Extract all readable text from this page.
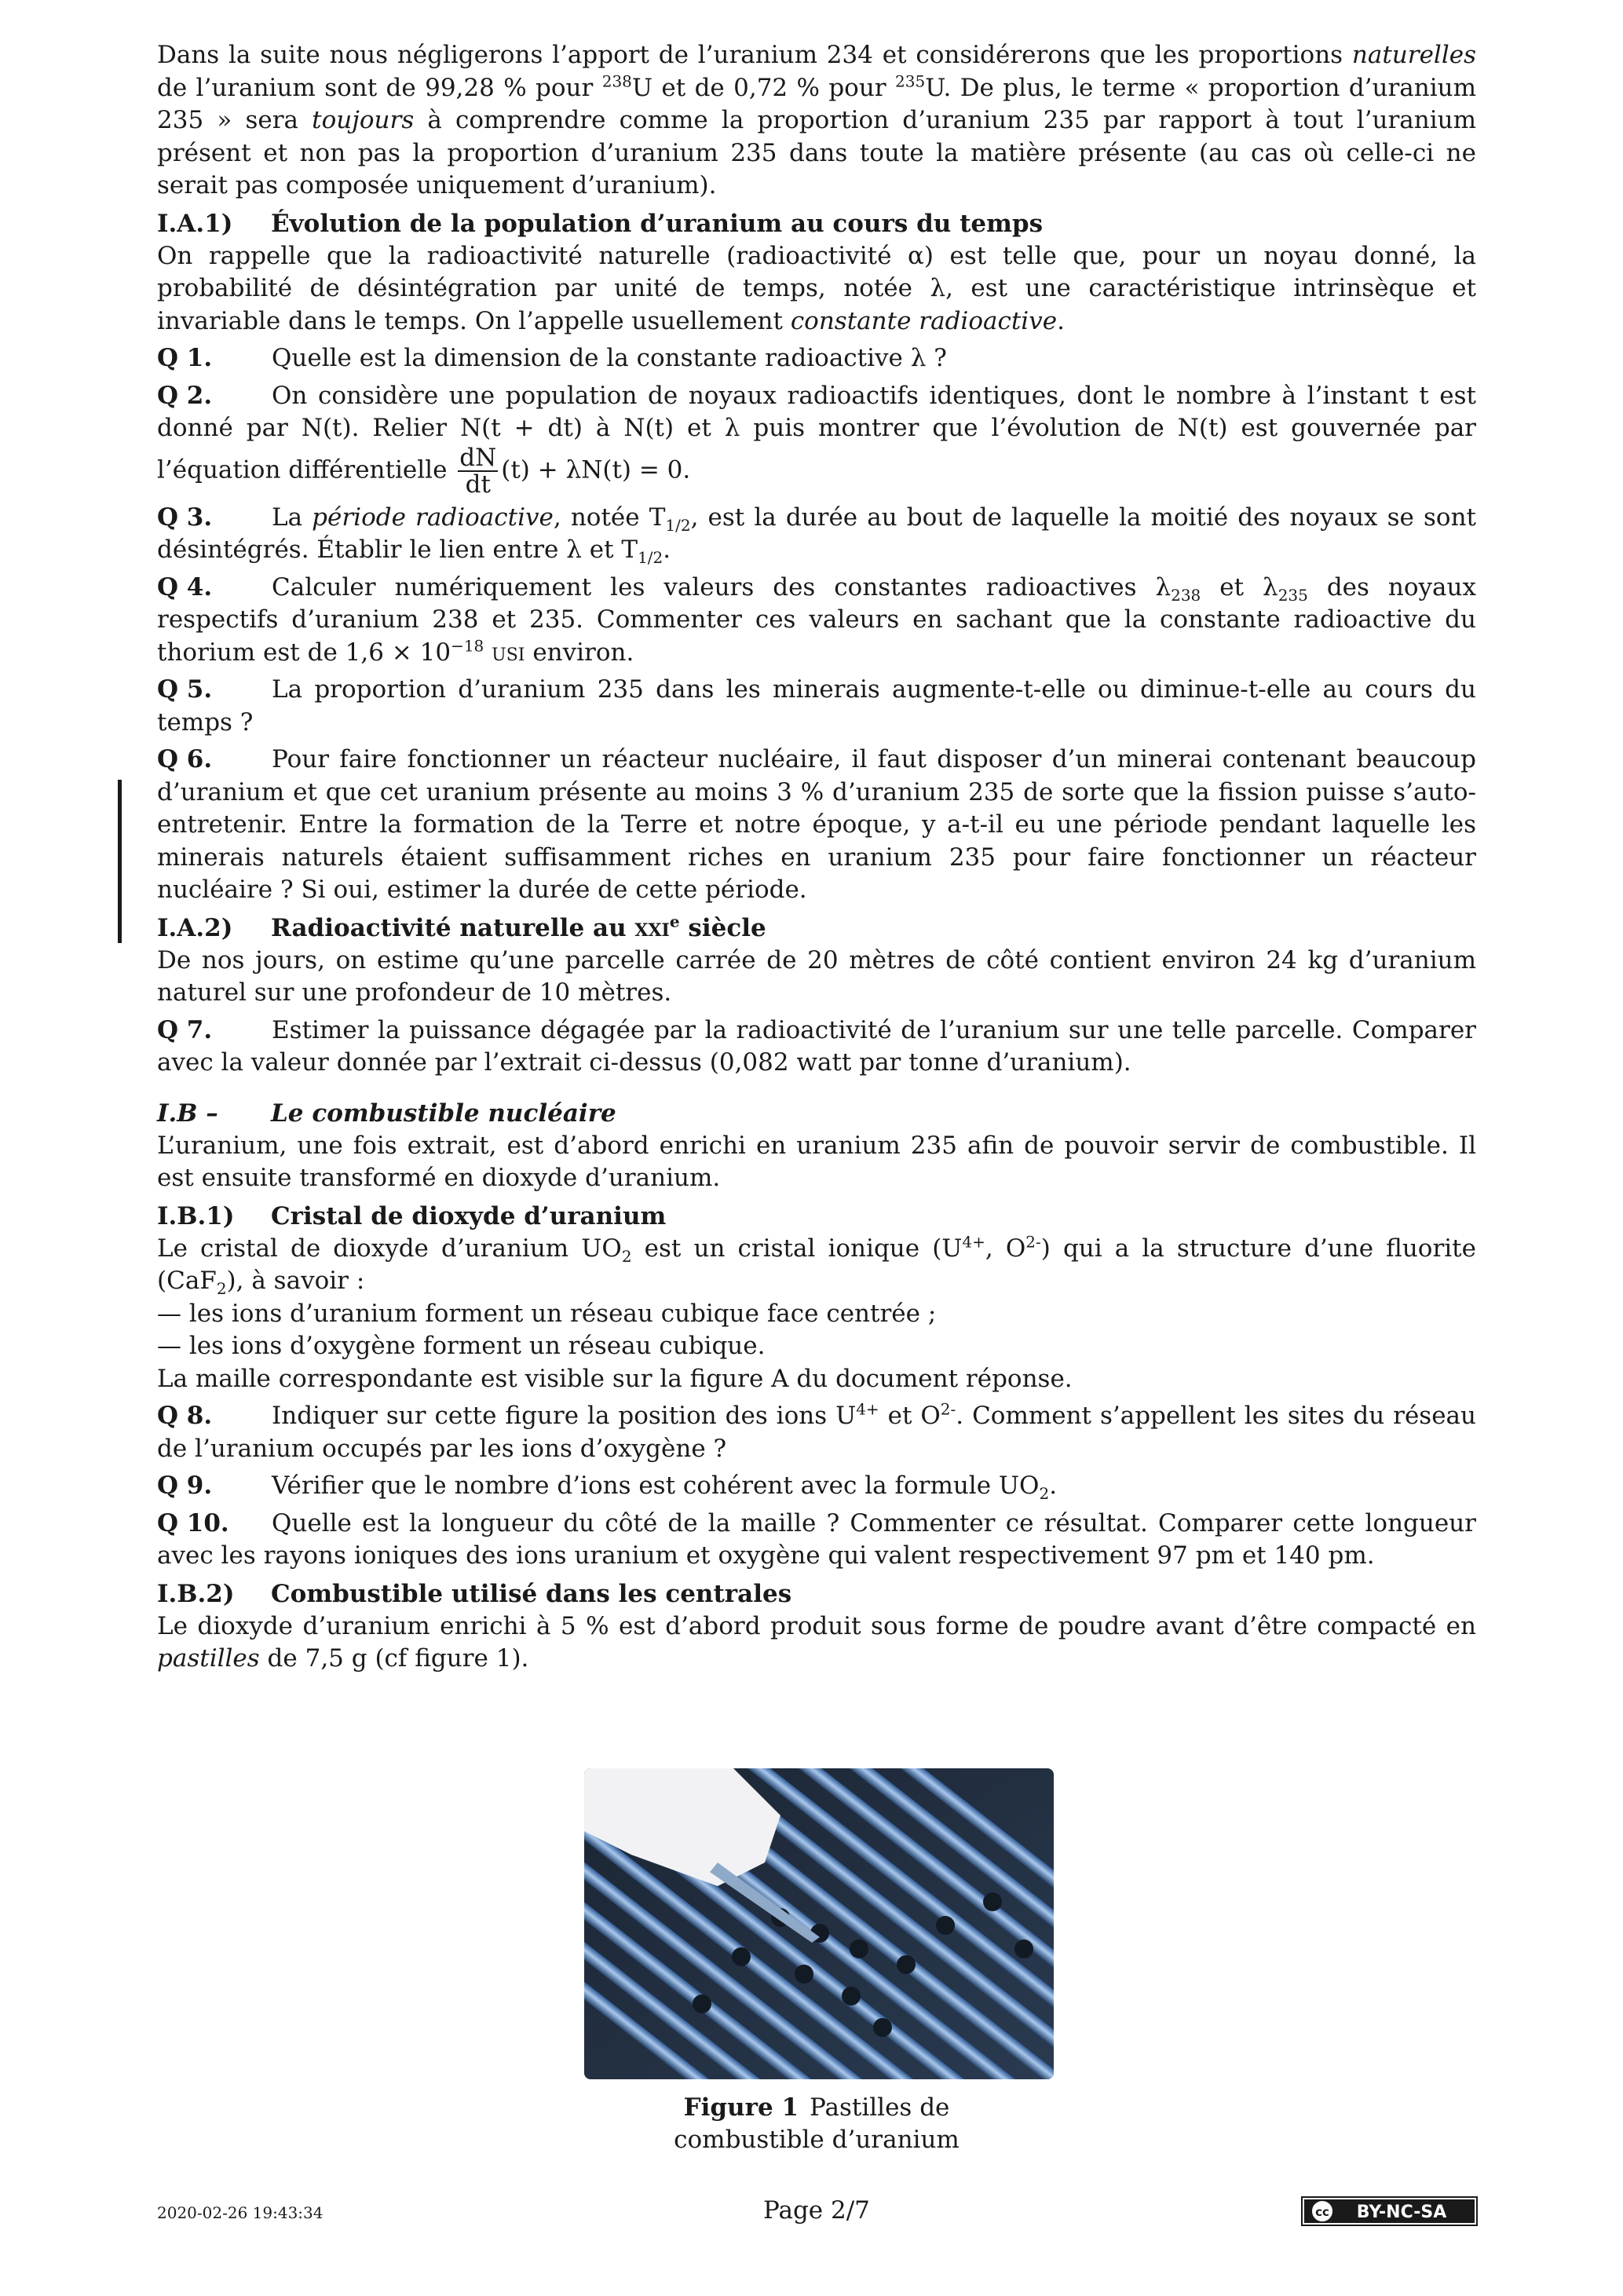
Dans la suite nous négligerons l’apport de l’uranium 234 et considérerons que les proportions naturelles de l’uranium sont de 99,28 % pour $^{238}$U et de 0,72 % pour $^{235}$U. De plus, le terme « proportion d’uranium 235 » sera toujours à comprendre comme la proportion d’uranium 235 par rapport à tout l’uranium présent et non pas la proportion d’uranium 235 dans toute la matière présente (au cas où celle-ci ne serait pas composée uniquement d’uranium).

I.A.1) Évolution de la population d’uranium au cours du temps

On rappelle que la radioactivité naturelle (radioactivité α) est telle que, pour un noyau donné, la probabilité de désintégration par unité de temps, notée λ, est une caractéristique intrinsèque et invariable dans le temps. On l’appelle usuellement constante radioactive.

Q 1. Quelle est la dimension de la constante radioactive λ ?
Q 2. On considère une population de noyaux radioactifs identiques, dont le nombre à l’instant t est donné par N(t). Relier N(t + dt) à N(t) et λ puis montrer que l’évolution de N(t) est gouvernée par l’équation différentielle $\frac{dN}{dt} (t) + \lambda N(t) = 0$.
Q 3. La période radioactive, notée $T_{1/2}$, est la durée au bout de laquelle la moitié des noyaux se sont désintégrés. Établir le lien entre λ et $T_{1/2}$.
Q 4. Calculer numériquement les valeurs des constantes radioactives $\lambda_{238}$ et $\lambda_{235}$ des noyaux respectifs d’uranium 238 et 235. Commenter ces valeurs en sachant que la constante radioactive du thorium est de $1,6 \times 10^{-18}$ usi environ.
Q 5. La proportion d’uranium 235 dans les minerais augmente-t-elle ou diminue-t-elle au cours du temps ?
Q 6. Pour faire fonctionner un réacteur nucléaire, il faut disposer d’un minerai contenant beaucoup d’uranium et que cet uranium présente au moins 3 % d’uranium 235 de sorte que la fission puisse s’auto-entretenir. Entre la formation de la Terre et notre époque, y a-t-il eu une période pendant laquelle les minerais naturels étaient suffisamment riches en uranium 235 pour faire fonctionner un réacteur nucléaire ? Si oui, estimer la durée de cette période.
I.A.2) Radioactivité naturelle au xxi$^e$ siècle

De nos jours, on estime qu’une parcelle carrée de 20 mètres de côté contient environ 24 kg d’uranium naturel sur une profondeur de 10 mètres.

Q 7. Estimer la puissance dégagée par la radioactivité de l’uranium sur une telle parcelle. Comparer avec la valeur donnée par l’extrait ci-dessus (0,082 watt par tonne d’uranium).
I.B – Le combustible nucléaire

L’uranium, une fois extrait, est d’abord enrichi en uranium 235 afin de pouvoir servir de combustible. Il est ensuite transformé en dioxyde d’uranium.

I.B.1) Cristal de dioxyde d’uranium

Le cristal de dioxyde d’uranium $UO_2$ est un cristal ionique ($U^{4+}$, $O^{2-}$) qui a la structure d’une fluorite (CaF$_2$), à savoir :

— les ions d’uranium forment un réseau cubique face centrée ;
— les ions d’oxygène forment un réseau cubique.

La maille correspondante est visible sur la figure A du document réponse.

Q 8. Indiquer sur cette figure la position des ions $U^{4+}$ et $O^{2-}$. Comment s’appellent les sites du réseau de l’uranium occupés par les ions d’oxygène ?
Q 9. Vérifier que le nombre d’ions est cohérent avec la formule $UO_2$.
Q 10. Quelle est la longueur du côté de la maille ? Commenter ce résultat. Comparer cette longueur avec les rayons ioniques des ions uranium et oxygène qui valent respectivement 97 pm et 140 pm.
I.B.2) Combustible utilisé dans les centrales

Le dioxyde d’uranium enrichi à 5 % est d’abord produit sous forme de poudre avant d’être compacté en pastilles de 7,5 g (cf figure 1).

Figure 1 Pastilles de combustible d’uranium
2020-02-26 19:43:34	Page 2/7	cc BY-NC-SA
